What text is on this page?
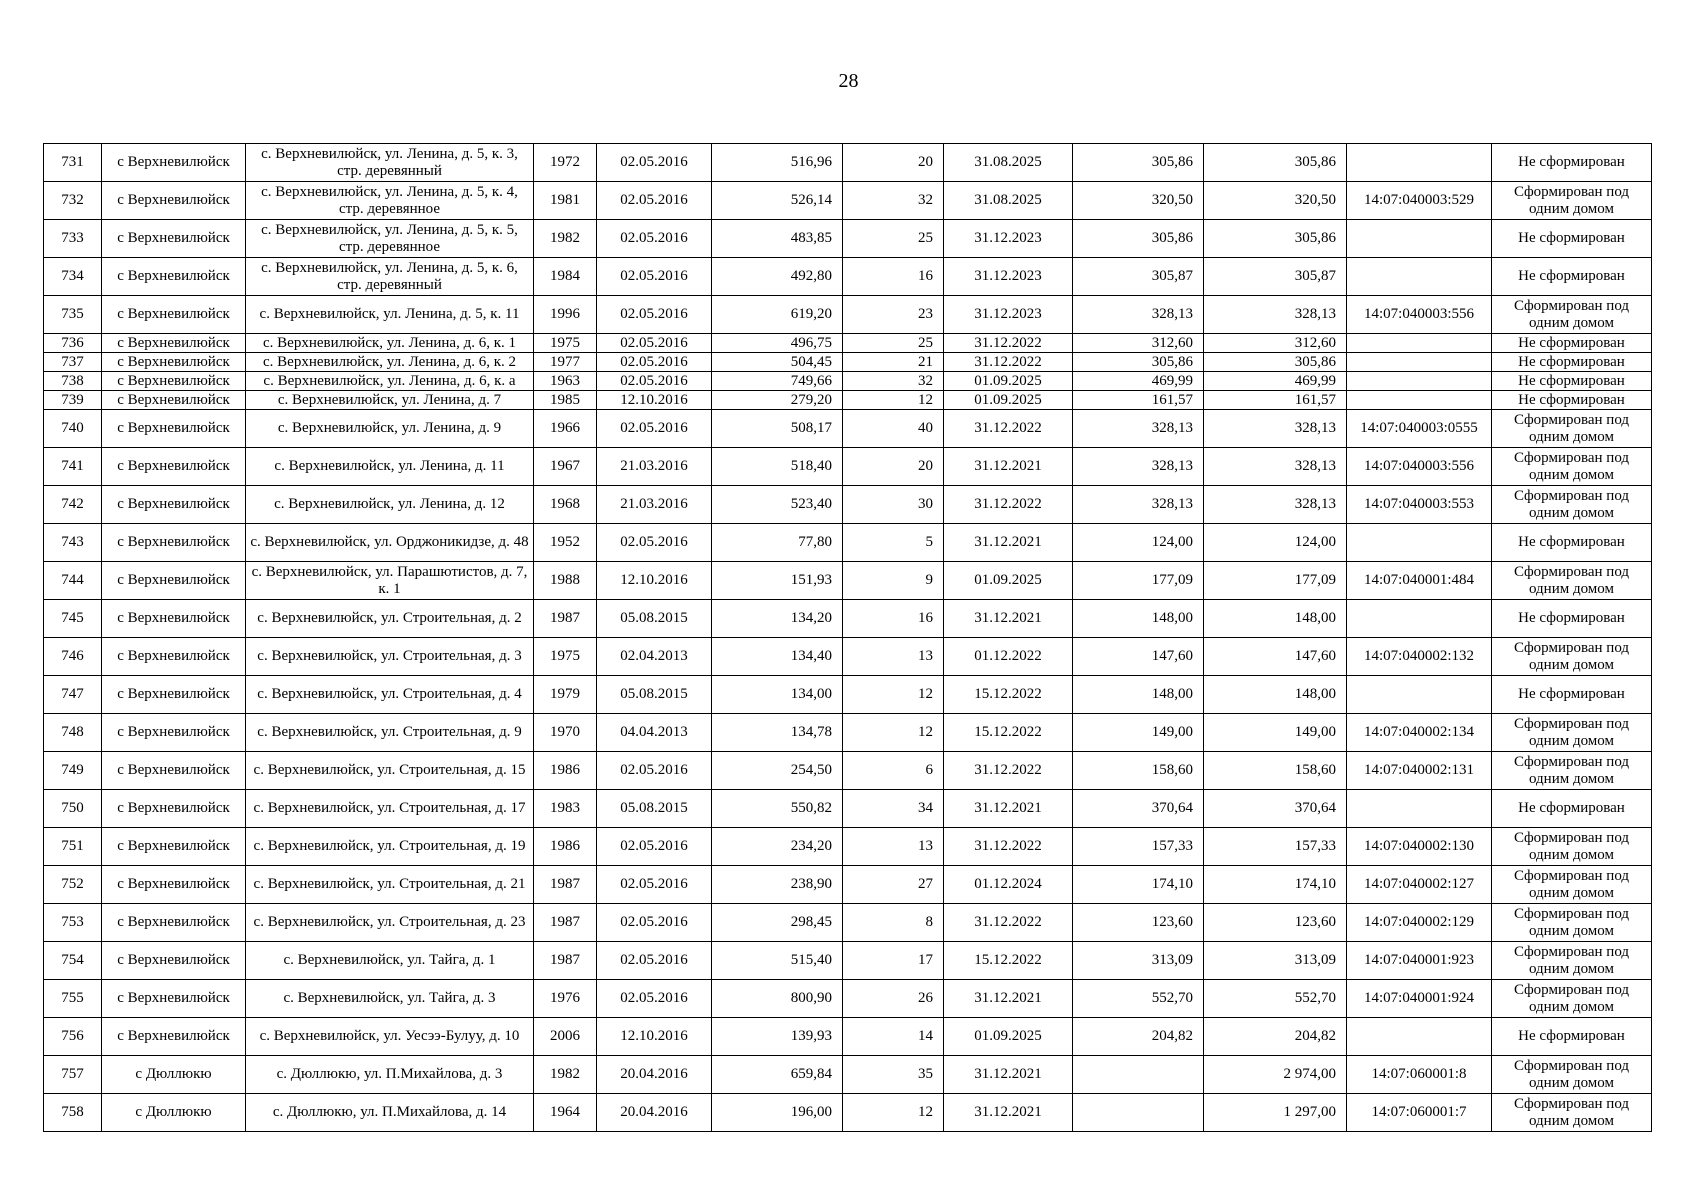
28
731	с Верхневилюйск	с. Верхневилюйск, ул. Ленина, д. 5, к. 3, стр. деревянный	1972	02.05.2016	516,96	20	31.08.2025	305,86	305,86		Не сформирован
732	с Верхневилюйск	с. Верхневилюйск, ул. Ленина, д. 5, к. 4, стр. деревянное	1981	02.05.2016	526,14	32	31.08.2025	320,50	320,50	14:07:040003:529	Сформирован под одним домом
733	с Верхневилюйск	с. Верхневилюйск, ул. Ленина, д. 5, к. 5, стр. деревянное	1982	02.05.2016	483,85	25	31.12.2023	305,86	305,86		Не сформирован
734	с Верхневилюйск	с. Верхневилюйск, ул. Ленина, д. 5, к. 6, стр. деревянный	1984	02.05.2016	492,80	16	31.12.2023	305,87	305,87		Не сформирован
735	с Верхневилюйск	с. Верхневилюйск, ул. Ленина, д. 5, к. 11	1996	02.05.2016	619,20	23	31.12.2023	328,13	328,13	14:07:040003:556	Сформирован под одним домом
736	с Верхневилюйск	с. Верхневилюйск, ул. Ленина, д. 6, к. 1	1975	02.05.2016	496,75	25	31.12.2022	312,60	312,60		Не сформирован
737	с Верхневилюйск	с. Верхневилюйск, ул. Ленина, д. 6, к. 2	1977	02.05.2016	504,45	21	31.12.2022	305,86	305,86		Не сформирован
738	с Верхневилюйск	с. Верхневилюйск, ул. Ленина, д. 6, к. а	1963	02.05.2016	749,66	32	01.09.2025	469,99	469,99		Не сформирован
739	с Верхневилюйск	с. Верхневилюйск, ул. Ленина, д. 7	1985	12.10.2016	279,20	12	01.09.2025	161,57	161,57		Не сформирован
740	с Верхневилюйск	с. Верхневилюйск, ул. Ленина, д. 9	1966	02.05.2016	508,17	40	31.12.2022	328,13	328,13	14:07:040003:0555	Сформирован под одним домом
741	с Верхневилюйск	с. Верхневилюйск, ул. Ленина, д. 11	1967	21.03.2016	518,40	20	31.12.2021	328,13	328,13	14:07:040003:556	Сформирован под одним домом
742	с Верхневилюйск	с. Верхневилюйск, ул. Ленина, д. 12	1968	21.03.2016	523,40	30	31.12.2022	328,13	328,13	14:07:040003:553	Сформирован под одним домом
743	с Верхневилюйск	с. Верхневилюйск, ул. Орджоникидзе, д. 48	1952	02.05.2016	77,80	5	31.12.2021	124,00	124,00		Не сформирован
744	с Верхневилюйск	с. Верхневилюйск, ул. Парашютистов, д. 7, к. 1	1988	12.10.2016	151,93	9	01.09.2025	177,09	177,09	14:07:040001:484	Сформирован под одним домом
745	с Верхневилюйск	с. Верхневилюйск, ул. Строительная, д. 2	1987	05.08.2015	134,20	16	31.12.2021	148,00	148,00		Не сформирован
746	с Верхневилюйск	с. Верхневилюйск, ул. Строительная, д. 3	1975	02.04.2013	134,40	13	01.12.2022	147,60	147,60	14:07:040002:132	Сформирован под одним домом
747	с Верхневилюйск	с. Верхневилюйск, ул. Строительная, д. 4	1979	05.08.2015	134,00	12	15.12.2022	148,00	148,00		Не сформирован
748	с Верхневилюйск	с. Верхневилюйск, ул. Строительная, д. 9	1970	04.04.2013	134,78	12	15.12.2022	149,00	149,00	14:07:040002:134	Сформирован под одним домом
749	с Верхневилюйск	с. Верхневилюйск, ул. Строительная, д. 15	1986	02.05.2016	254,50	6	31.12.2022	158,60	158,60	14:07:040002:131	Сформирован под одним домом
750	с Верхневилюйск	с. Верхневилюйск, ул. Строительная, д. 17	1983	05.08.2015	550,82	34	31.12.2021	370,64	370,64		Не сформирован
751	с Верхневилюйск	с. Верхневилюйск, ул. Строительная, д. 19	1986	02.05.2016	234,20	13	31.12.2022	157,33	157,33	14:07:040002:130	Сформирован под одним домом
752	с Верхневилюйск	с. Верхневилюйск, ул. Строительная, д. 21	1987	02.05.2016	238,90	27	01.12.2024	174,10	174,10	14:07:040002:127	Сформирован под одним домом
753	с Верхневилюйск	с. Верхневилюйск, ул. Строительная, д. 23	1987	02.05.2016	298,45	8	31.12.2022	123,60	123,60	14:07:040002:129	Сформирован под одним домом
754	с Верхневилюйск	с. Верхневилюйск, ул. Тайга, д. 1	1987	02.05.2016	515,40	17	15.12.2022	313,09	313,09	14:07:040001:923	Сформирован под одним домом
755	с Верхневилюйск	с. Верхневилюйск, ул. Тайга, д. 3	1976	02.05.2016	800,90	26	31.12.2021	552,70	552,70	14:07:040001:924	Сформирован под одним домом
756	с Верхневилюйск	с. Верхневилюйск, ул. Уесээ-Булуу, д. 10	2006	12.10.2016	139,93	14	01.09.2025	204,82	204,82		Не сформирован
757	с Дюллюкю	с. Дюллюкю, ул. П.Михайлова, д. 3	1982	20.04.2016	659,84	35	31.12.2021		2 974,00	14:07:060001:8	Сформирован под одним домом
758	с Дюллюкю	с. Дюллюкю, ул. П.Михайлова, д. 14	1964	20.04.2016	196,00	12	31.12.2021		1 297,00	14:07:060001:7	Сформирован под одним домом
